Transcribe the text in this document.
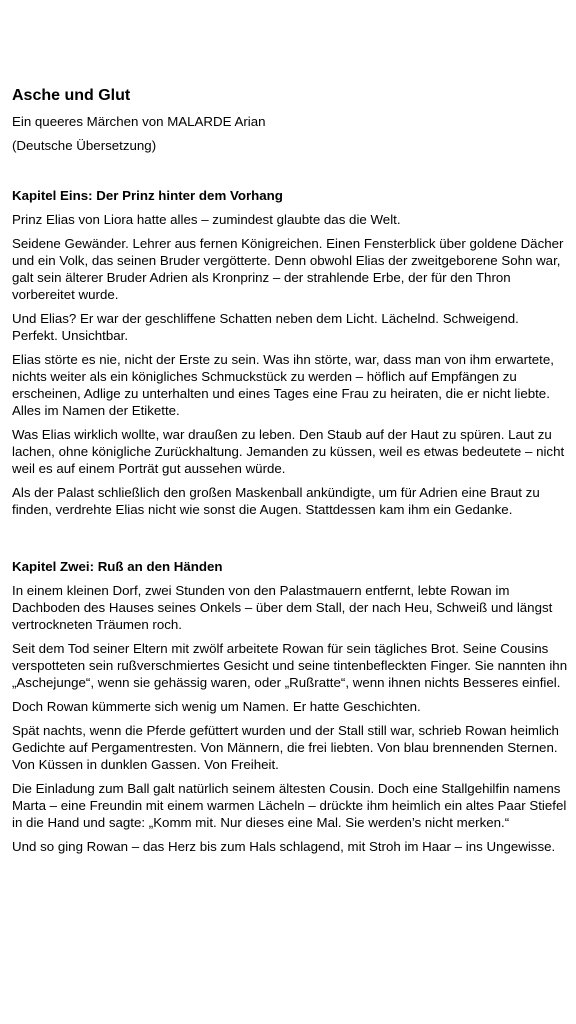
Asche und Glut
Ein queeres Märchen von MALARDE Arian
(Deutsche Übersetzung)
Kapitel Eins: Der Prinz hinter dem Vorhang

Prinz Elias von Liora hatte alles – zumindest glaubte das die Welt.

Seidene Gewänder. Lehrer aus fernen Königreichen. Einen Fensterblick über goldene Dächer und ein Volk, das seinen Bruder vergötterte. Denn obwohl Elias der zweitgeborene Sohn war, galt sein älterer Bruder Adrien als Kronprinz – der strahlende Erbe, der für den Thron vorbereitet wurde.

Und Elias? Er war der geschliffene Schatten neben dem Licht. Lächelnd. Schweigend. Perfekt. Unsichtbar.

Elias störte es nie, nicht der Erste zu sein. Was ihn störte, war, dass man von ihm erwartete, nichts weiter als ein königliches Schmuckstück zu werden – höflich auf Empfängen zu erscheinen, Adlige zu unterhalten und eines Tages eine Frau zu heiraten, die er nicht liebte. Alles im Namen der Etikette.

Was Elias wirklich wollte, war draußen zu leben. Den Staub auf der Haut zu spüren. Laut zu lachen, ohne königliche Zurückhaltung. Jemanden zu küssen, weil es etwas bedeutete – nicht weil es auf einem Porträt gut aussehen würde.

Als der Palast schließlich den großen Maskenball ankündigte, um für Adrien eine Braut zu finden, verdrehte Elias nicht wie sonst die Augen. Stattdessen kam ihm ein Gedanke.

Kapitel Zwei: Ruß an den Händen

In einem kleinen Dorf, zwei Stunden von den Palastmauern entfernt, lebte Rowan im Dachboden des Hauses seines Onkels – über dem Stall, der nach Heu, Schweiß und längst vertrockneten Träumen roch.

Seit dem Tod seiner Eltern mit zwölf arbeitete Rowan für sein tägliches Brot. Seine Cousins verspotteten sein rußverschmiertes Gesicht und seine tintenbefleckten Finger. Sie nannten ihn „Aschejunge“, wenn sie gehässig waren, oder „Rußratte“, wenn ihnen nichts Besseres einfiel.

Doch Rowan kümmerte sich wenig um Namen. Er hatte Geschichten.

Spät nachts, wenn die Pferde gefüttert wurden und der Stall still war, schrieb Rowan heimlich Gedichte auf Pergamentresten. Von Männern, die frei liebten. Von blau brennenden Sternen. Von Küssen in dunklen Gassen. Von Freiheit.

Die Einladung zum Ball galt natürlich seinem ältesten Cousin. Doch eine Stallgehilfin namens Marta – eine Freundin mit einem warmen Lächeln – drückte ihm heimlich ein altes Paar Stiefel in die Hand und sagte: „Komm mit. Nur dieses eine Mal. Sie werden’s nicht merken.“

Und so ging Rowan – das Herz bis zum Hals schlagend, mit Stroh im Haar – ins Ungewisse.
